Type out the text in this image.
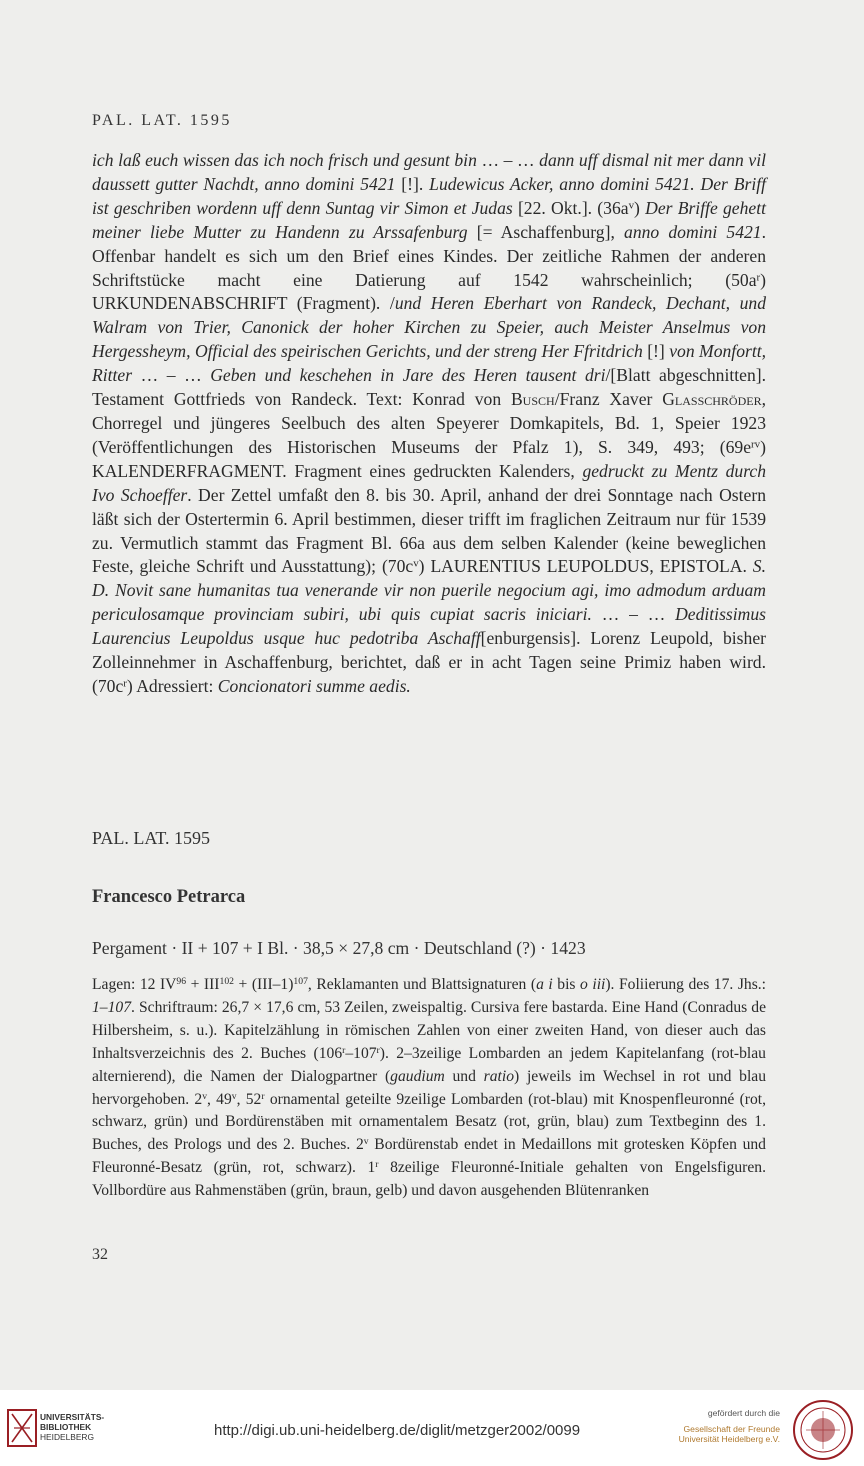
PAL. LAT. 1595

ich laß euch wissen das ich noch frisch und gesunt bin … – … dann uff dismal nit mer dann vil daussett gutter Nachdt, anno domini 5421 [!]. Ludewicus Acker, anno domini 5421. Der Briff ist geschriben wordenn uff denn Suntag vir Simon et Judas [22. Okt.]. $(36a^v)$ Der Briffe gehett meiner liebe Mutter zu Handenn zu Arssafenburg [= Aschaffenburg], anno domini 5421. Offenbar handelt es sich um den Brief eines Kindes. Der zeitliche Rahmen der anderen Schriftstücke macht eine Datierung auf 1542 wahrscheinlich; $(50a^r)$ URKUNDENABSCHRIFT (Fragment). /und Heren Eberhart von Randeck, Dechant, und Walram von Trier, Canonick der hoher Kirchen zu Speier, auch Meister Anselmus von Hergessheym, Official des speirischen Gerichts, und der streng Her Ffritdrich [!] von Monfortt, Ritter … – … Geben und keschehen in Jare des Heren tausent dri/[Blatt abgeschnitten]. Testament Gottfrieds von Randeck. Text: Konrad von Busch/Franz Xaver Glasschröder, Chorregel und jüngeres Seelbuch des alten Speyerer Domkapitels, Bd. 1, Speier 1923 (Veröffentlichungen des Historischen Museums der Pfalz 1), S. 349, 493; $(69e^{rv})$ KALENDERFRAGMENT. Fragment eines gedruckten Kalenders, gedruckt zu Mentz durch Ivo Schoeffer. Der Zettel umfaßt den 8. bis 30. April, anhand der drei Sonntage nach Ostern läßt sich der Ostertermin 6. April bestimmen, dieser trifft im fraglichen Zeitraum nur für 1539 zu. Vermutlich stammt das Fragment Bl. 66a aus dem selben Kalender (keine beweglichen Feste, gleiche Schrift und Ausstattung); $(70c^v)$ LAURENTIUS LEUPOLDUS, EPISTOLA. S. D. Novit sane humanitas tua venerande vir non puerile negocium agi, imo admodum arduam periculosamque provinciam subiri, ubi quis cupiat sacris iniciari. … – … Deditissimus Laurencius Leupoldus usque huc pedotriba Aschaff[enburgensis]. Lorenz Leupold, bisher Zolleinnehmer in Aschaffenburg, berichtet, daß er in acht Tagen seine Primiz haben wird. $(70c^r)$ Adressiert: Concionatori summe aedis.

PAL. LAT. 1595
Francesco Petrarca
Pergament · II + 107 + I Bl. · 38,5 × 27,8 cm · Deutschland (?) · 1423

Lagen: 12 $IV^{96} + III^{102} + (III-1)^{107}$, Reklamanten und Blattsignaturen (a i bis o iii). Foliierung des 17. Jhs.: 1–107. Schriftraum: 26,7 × 17,6 cm, 53 Zeilen, zweispaltig. Cursiva fere bastarda. Eine Hand (Conradus de Hilbersheim, s. u.). Kapitelzählung in römischen Zahlen von einer zweiten Hand, von dieser auch das Inhaltsverzeichnis des 2. Buches (106$^r$–107$^r$). 2–3zeilige Lombarden an jedem Kapitelanfang (rot-blau alternierend), die Namen der Dialogpartner (gaudium und ratio) jeweils im Wechsel in rot und blau hervorgehoben. 2$^v$, 49$^v$, 52$^r$ ornamental geteilte 9zeilige Lombarden (rot-blau) mit Knospenfleuronné (rot, schwarz, grün) und Bordürenstäben mit ornamentalem Besatz (rot, grün, blau) zum Textbeginn des 1. Buches, des Prologs und des 2. Buches. 2$^v$ Bordürenstab endet in Medaillons mit grotesken Köpfen und Fleuronné-Besatz (grün, rot, schwarz). 1$^r$ 8zeilige Fleuronné-Initiale gehalten von Engelsfiguren. Vollbordüre aus Rahmenstäben (grün, braun, gelb) und davon ausgehenden Blütenranken

32
UNIVERSITÄTS-
BIBLIOTHEK
HEIDELBERG	http://digi.ub.uni-heidelberg.de/diglit/metzger2002/0099
gefördert durch die
Gesellschaft der Freunde
Universität Heidelberg e.V.
